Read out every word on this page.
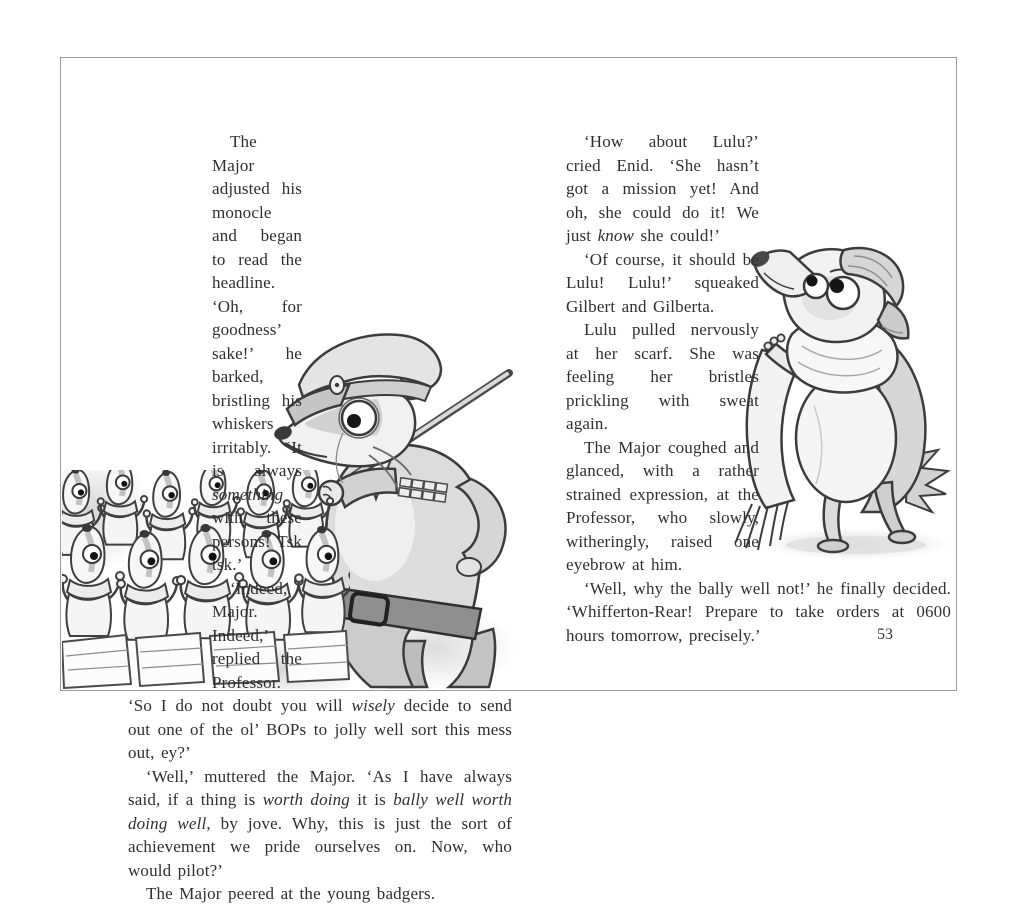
The Major adjusted his monocle and began to read the headline. ‘Oh, for goodness’ sake!’ he barked, bristling his whiskers irritably. ‘It is always something with these persons! Tsk tsk.’

‘Indeed, Major. Indeed,’ replied the Professor. ‘So I do not doubt you will wisely decide to send out one of the ol’ BOPs to jolly well sort this mess out, ey?’

‘Well,’ muttered the Major. ‘As I have always said, if a thing is worth doing it is bally well worth doing well, by jove. Why, this is just the sort of achievement we pride ourselves on. Now, who would pilot?’

The Major peered at the young badgers.

‘How about Lulu?’ cried Enid. ‘She hasn’t got a mission yet! And oh, she could do it! We just know she could!’

‘Of course, it should be Lulu! Lulu!’ squeaked Gilbert and Gilberta.

Lulu pulled nervously at her scarf. She was feeling her bristles prickling with sweat again.

The Major coughed and glanced, with a rather strained expression, at the Professor, who slowly, witheringly, raised one eyebrow at him.

‘Well, why the bally well not!’ he finally decided. ‘Whifferton-Rear! Prepare to take orders at 0600 hours tomorrow, precisely.’	53
